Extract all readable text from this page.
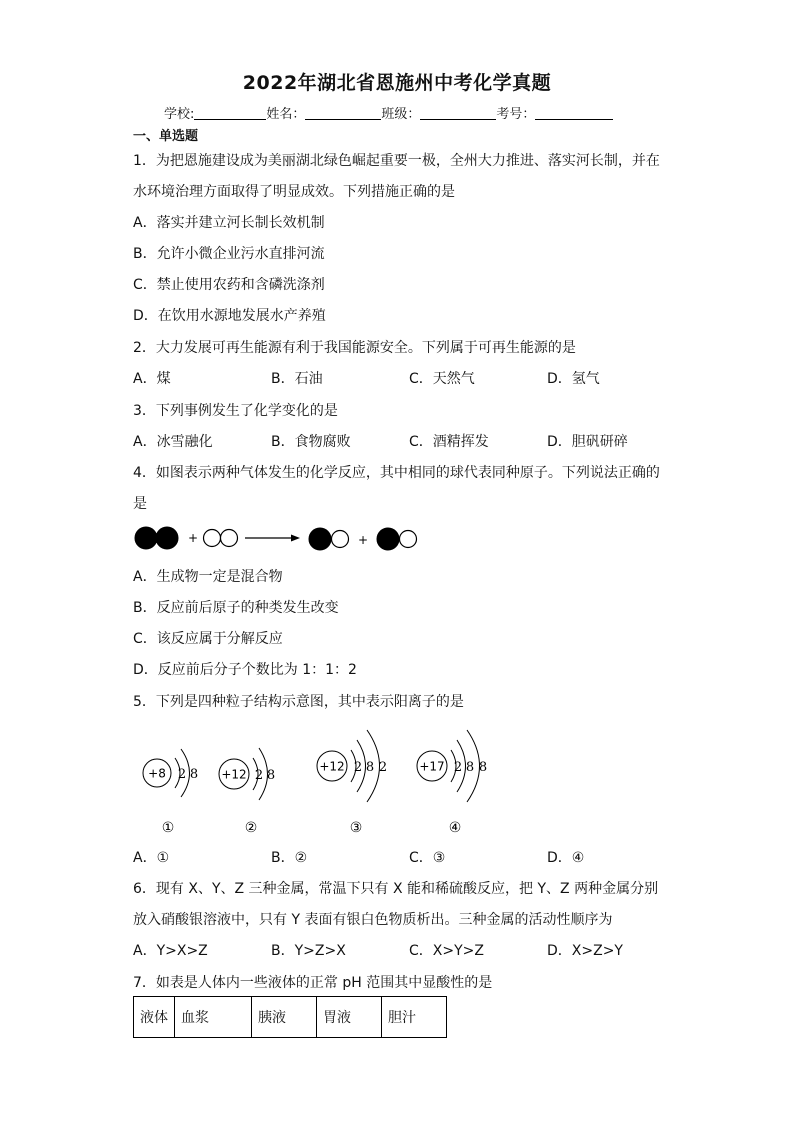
2022年湖北省恩施州中考化学真题
学校:	姓名：	班级：	考号：
一、单选题
1．为把恩施建设成为美丽湖北绿色崛起重要一极，全州大力推进、落实河长制，并在
水环境治理方面取得了明显成效。下列措施正确的是
A．落实并建立河长制长效机制
B．允许小微企业污水直排河流
C．禁止使用农药和含磷洗涤剂
D．在饮用水源地发展水产养殖
2．大力发展可再生能源有利于我国能源安全。下列属于可再生能源的是
A．煤	B．石油	C．天然气	D．氢气
3．下列事例发生了化学变化的是
A．冰雪融化	B．食物腐败	C．酒精挥发	D．胆矾研碎
4．如图表示两种气体发生的化学反应，其中相同的球代表同种原子。下列说法正确的
是
+	+
A．生成物一定是混合物
B．反应前后原子的种类发生改变
C．该反应属于分解反应
D．反应前后分子个数比为 1：1：2
5．下列是四种粒子结构示意图，其中表示阳离子的是
+8 2 8
①
+12 2 8
②
+12 2 8 2
③
+17 2 8 8
④
A．①	B．②	C．③	D．④
6．现有 X、Y、Z 三种金属，常温下只有 X 能和稀硫酸反应，把 Y、Z 两种金属分别
放入硝酸银溶液中，只有 Y 表面有银白色物质析出。三种金属的活动性顺序为
A．Y>X>Z	B．Y>Z>X	C．X>Y>Z	D．X>Z>Y
7．如表是人体内一些液体的正常 pH 范围其中显酸性的是
液体	血浆	胰液	胃液	胆汁
